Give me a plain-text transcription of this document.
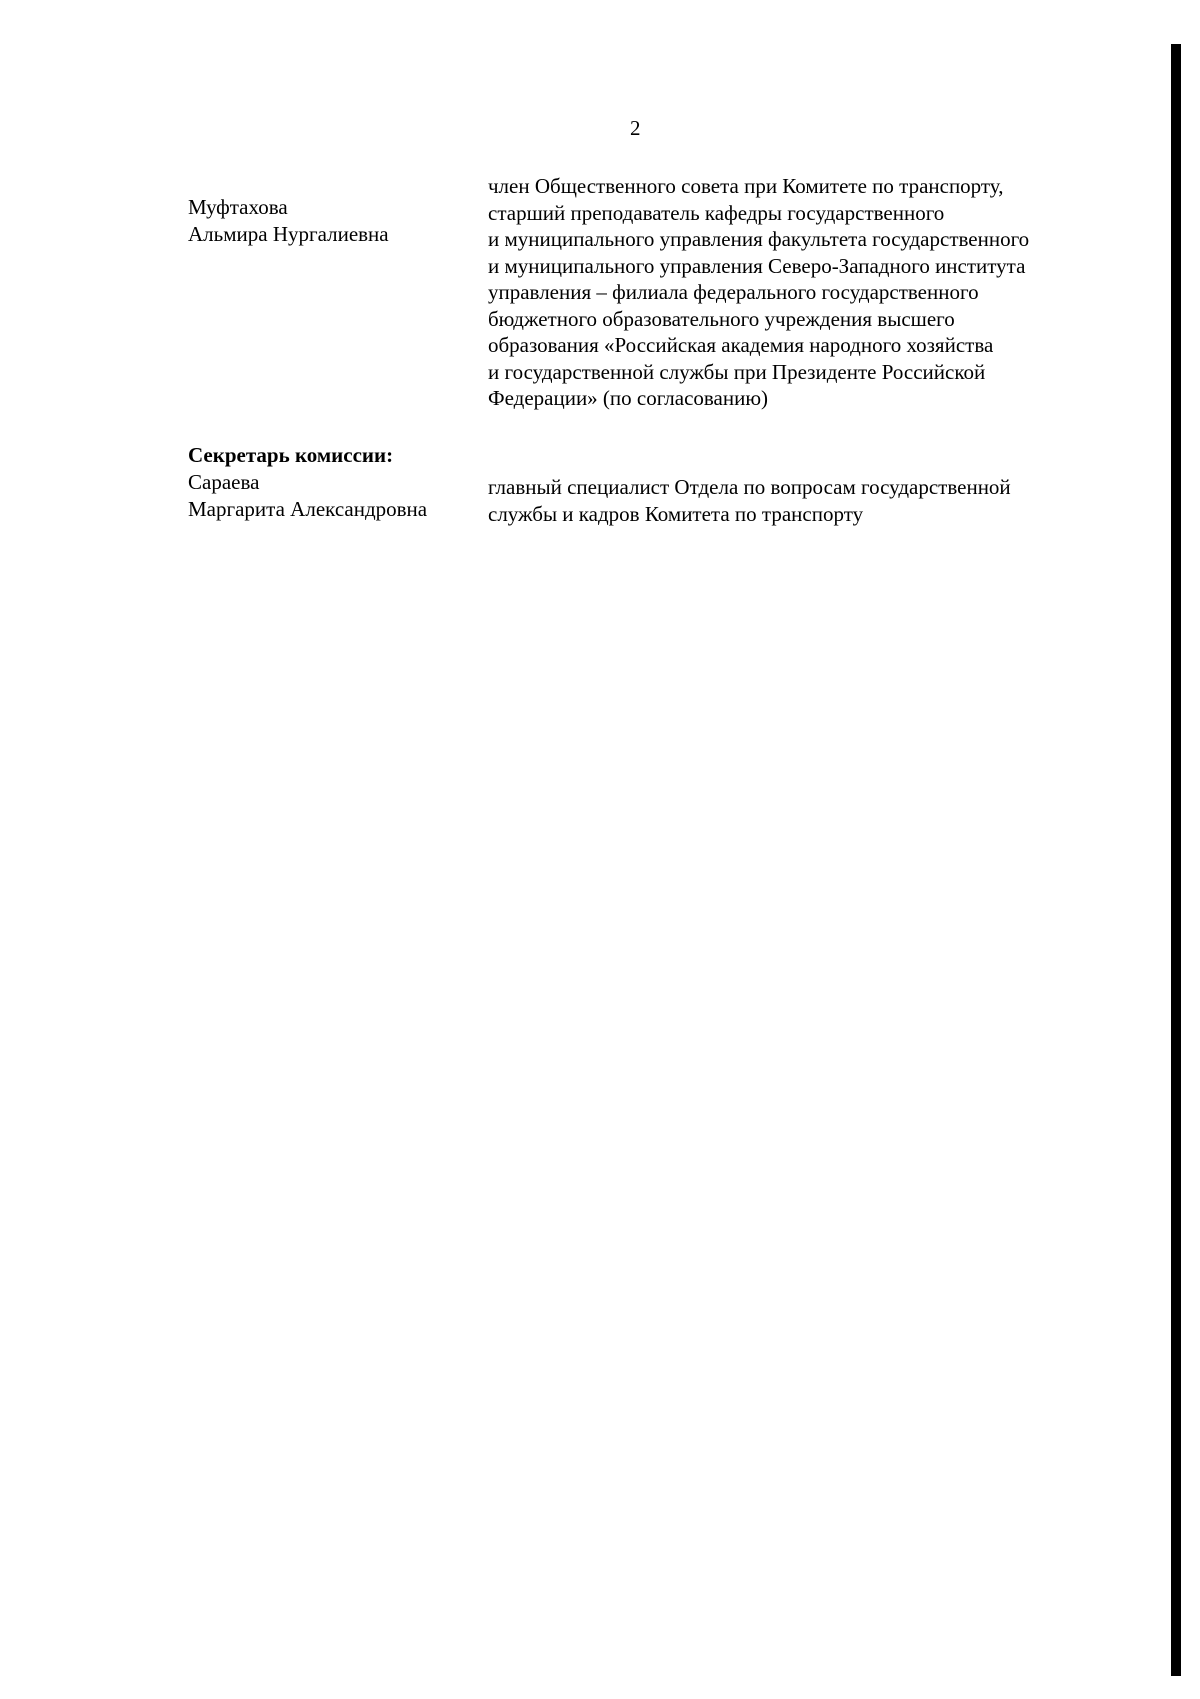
2
Муфтахова
Альмира Нургалиевна
член Общественного совета при Комитете по транспорту,
старший преподаватель кафедры государственного
и муниципального управления факультета государственного
и муниципального управления Северо-Западного института
управления – филиала федерального государственного
бюджетного образовательного учреждения высшего
образования «Российская академия народного хозяйства
и государственной службы при Президенте Российской
Федерации» (по согласованию)
Секретарь комиссии:
Сараева
Маргарита Александровна
главный специалист Отдела по вопросам государственной
службы и кадров Комитета по транспорту
